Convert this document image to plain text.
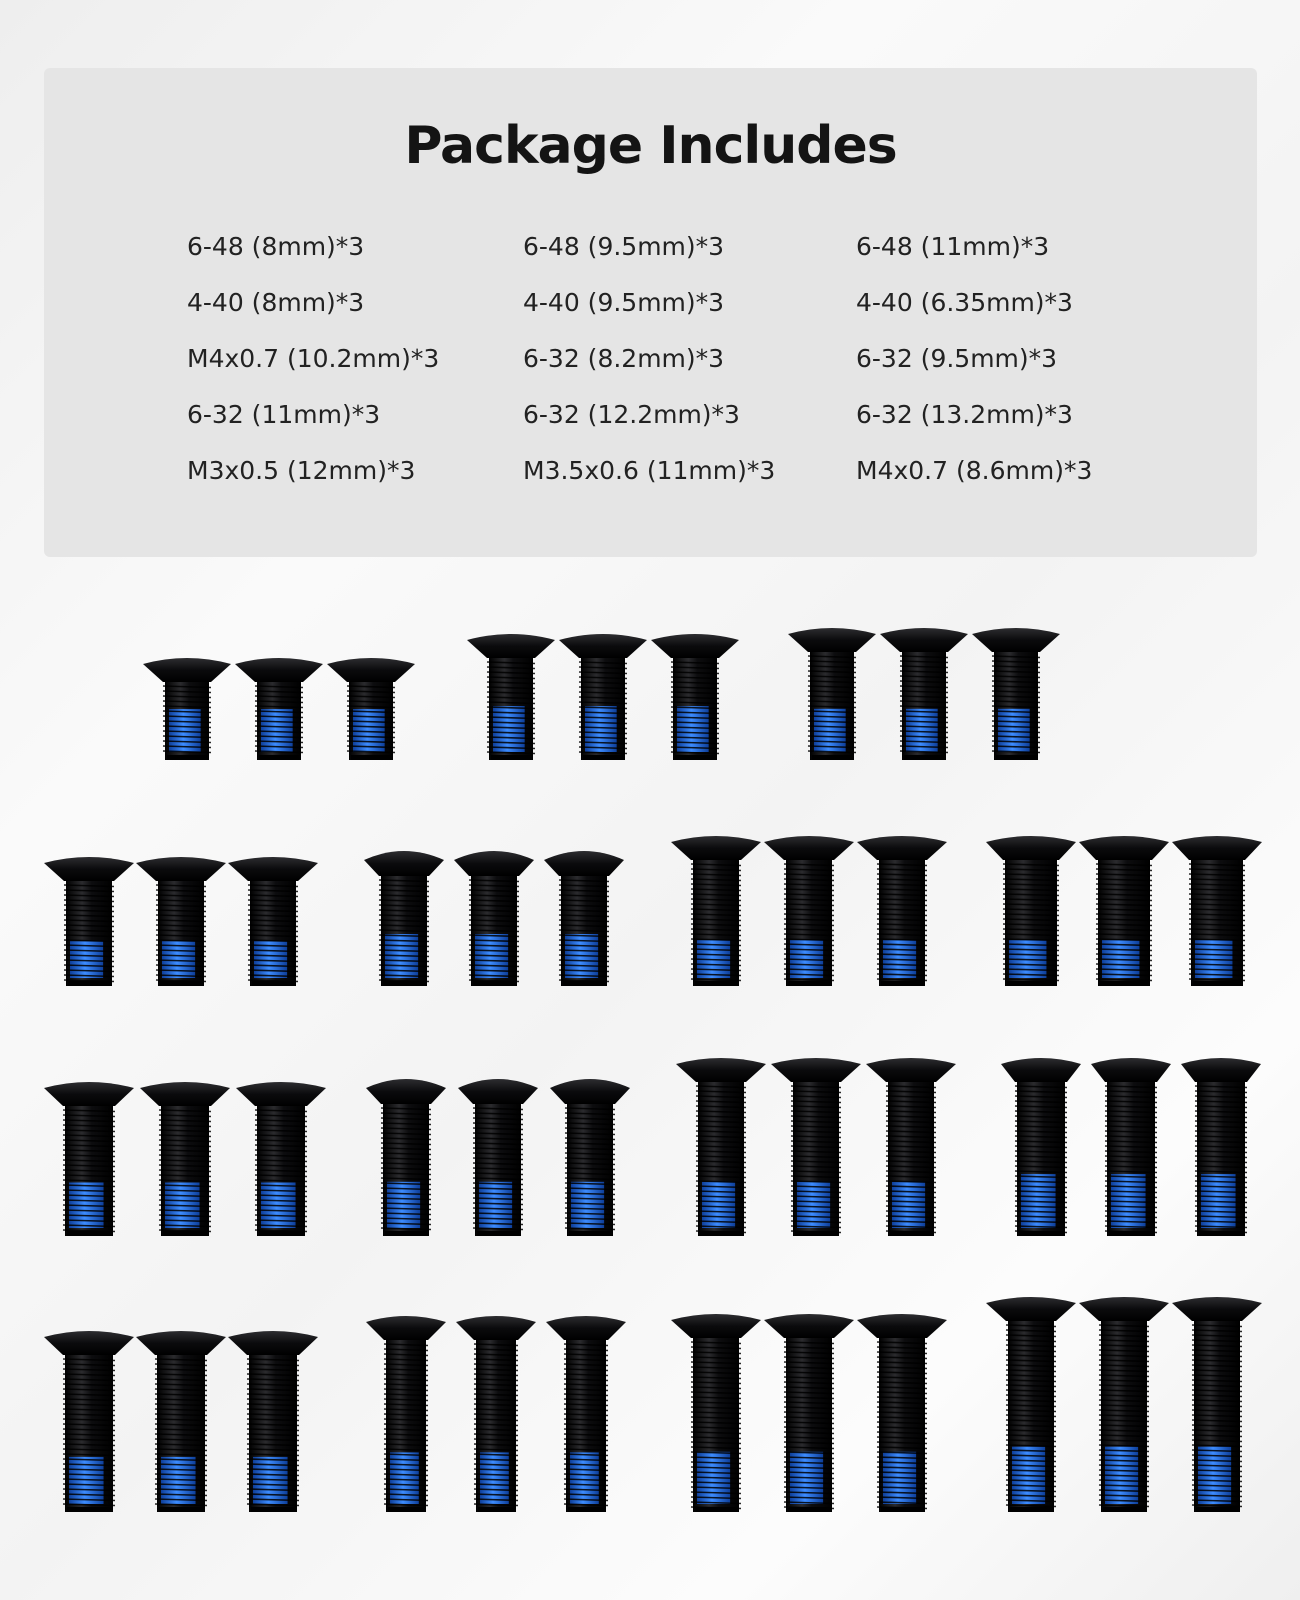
Package Includes
6-48 (8mm)*3	6-48 (9.5mm)*3	6-48 (11mm)*3
4-40 (8mm)*3	4-40 (9.5mm)*3	4-40 (6.35mm)*3
M4x0.7 (10.2mm)*3	6-32 (8.2mm)*3	6-32 (9.5mm)*3
6-32 (11mm)*3	6-32 (12.2mm)*3	6-32 (13.2mm)*3
M3x0.5 (12mm)*3	M3.5x0.6 (11mm)*3	M4x0.7 (8.6mm)*3
